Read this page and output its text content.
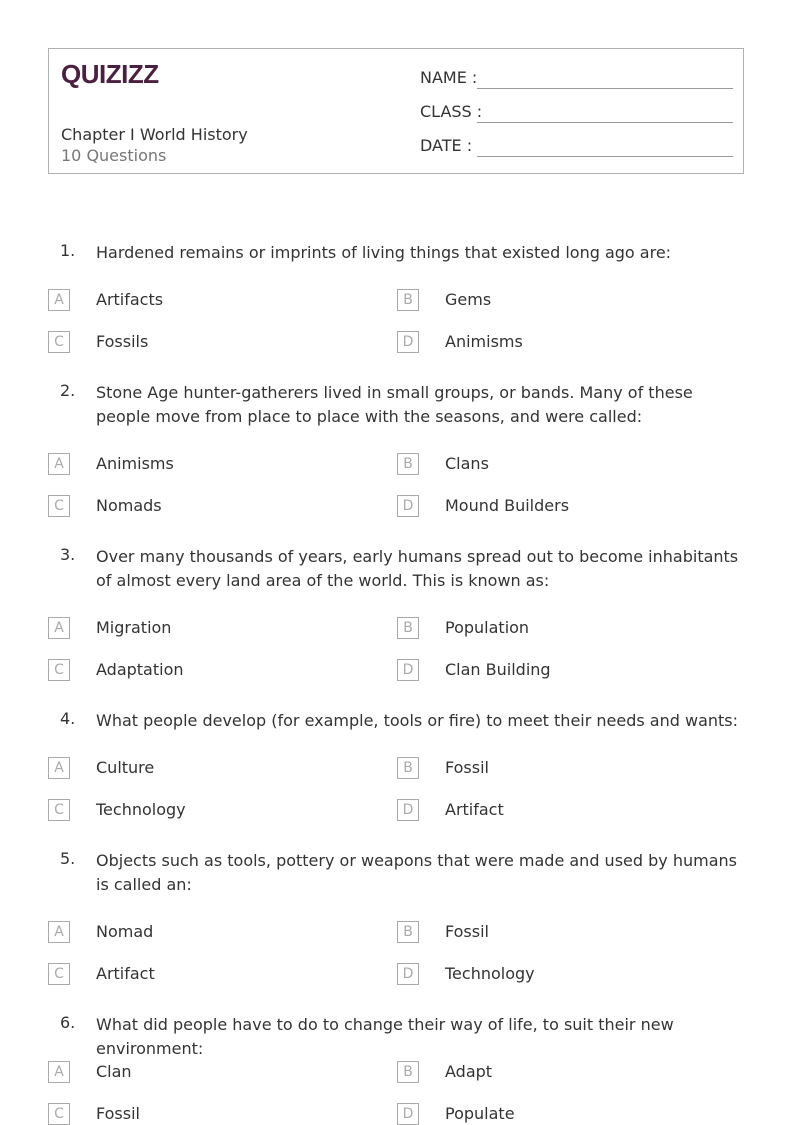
QUIZIZZ
Chapter I World History
10 Questions
NAME :
CLASS :
DATE :
1. Hardened remains or imprints of living things that existed long ago are:
A	Artifacts	B	Gems
C	Fossils	D	Animisms
2. Stone Age hunter-gatherers lived in small groups, or bands. Many of these people move from place to place with the seasons, and were called:
A	Animisms	B	Clans
C	Nomads	D	Mound Builders
3. Over many thousands of years, early humans spread out to become inhabitants of almost every land area of the world. This is known as:
A	Migration	B	Population
C	Adaptation	D	Clan Building
4. What people develop (for example, tools or fire) to meet their needs and wants:
A	Culture	B	Fossil
C	Technology	D	Artifact
5. Objects such as tools, pottery or weapons that were made and used by humans is called an:
A	Nomad	B	Fossil
C	Artifact	D	Technology
6. What did people have to do to change their way of life, to suit their new environment:
A	Clan	B	Adapt
C	Fossil	D	Populate
